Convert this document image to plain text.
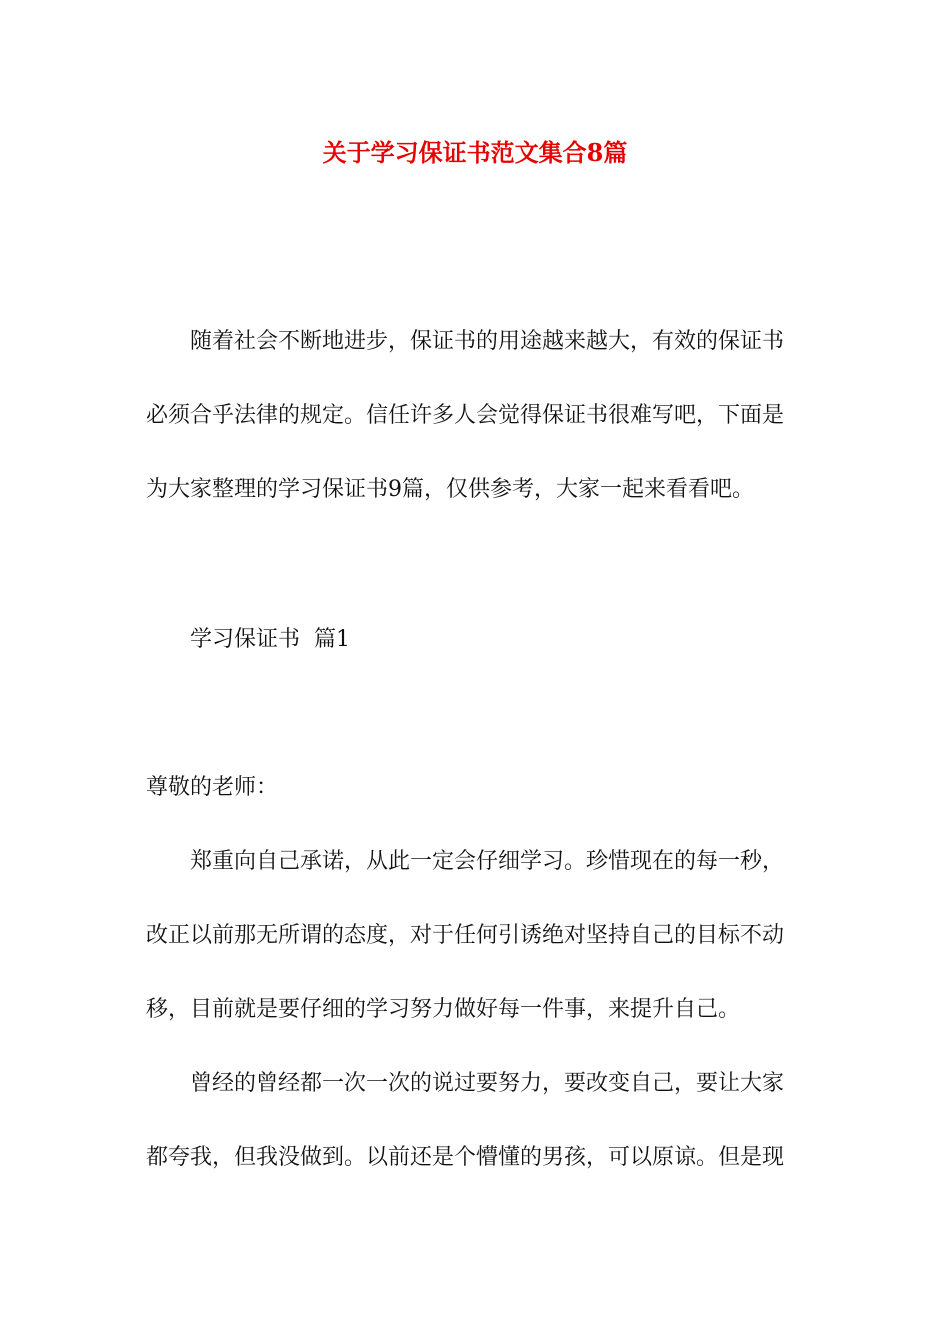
关于学习保证书范文集合8篇

随着社会不断地进步，保证书的用途越来越大，有效的保证书

必须合乎法律的规定。信任许多人会觉得保证书很难写吧，下面是

为大家整理的学习保证书9篇，仅供参考，大家一起来看看吧。

学习保证书  篇1

尊敬的老师：

郑重向自己承诺，从此一定会仔细学习。珍惜现在的每一秒，

改正以前那无所谓的态度，对于任何引诱绝对坚持自己的目标不动

移，目前就是要仔细的学习努力做好每一件事，来提升自己。

曾经的曾经都一次一次的说过要努力，要改变自己，要让大家

都夸我，但我没做到。以前还是个懵懂的男孩，可以原谅。但是现
